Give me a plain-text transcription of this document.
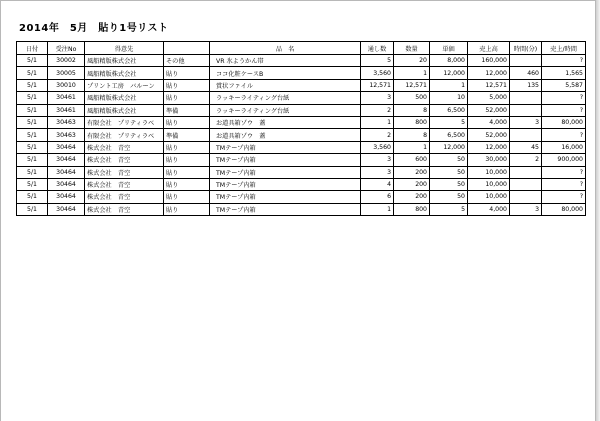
2014年　5月　貼り1号リスト
日付	受注No	得意先		品　名	通し数	数量	単価	売上高	時間(分)	売上/時間
5/1	30002	風船精版株式会社	その他	VR 氷ようかん帯	5	20	8,000	160,000		?
5/1	30005	風船精版株式会社	貼り	ココ化粧ケースB	3,560	1	12,000	12,000	460	1,565
5/1	30010	プリント工房　バルーン	貼り	賞状ファイル	12,571	12,571	1	12,571	135	5,587
5/1	30461	風船精版株式会社	貼り	ラッキーライティング台紙	3	500	10	5,000		?
5/1	30461	風船精版株式会社	準備	ラッキーライティング台紙	2	8	6,500	52,000		?
5/1	30463	有限会社　プリティラベ	貼り	お道具箱ゾウ　蓋	1	800	5	4,000	3	80,000
5/1	30463	有限会社　プリティラベ	準備	お道具箱ゾウ　蓋	2	8	6,500	52,000		?
5/1	30464	株式会社　青空	貼り	TMテープ内箱	3,560	1	12,000	12,000	45	16,000
5/1	30464	株式会社　青空	貼り	TMテープ内箱	3	600	50	30,000	2	900,000
5/1	30464	株式会社　青空	貼り	TMテープ内箱	3	200	50	10,000		?
5/1	30464	株式会社　青空	貼り	TMテープ内箱	4	200	50	10,000		?
5/1	30464	株式会社　青空	貼り	TMテープ内箱	6	200	50	10,000		?
5/1	30464	株式会社　青空	貼り	TMテープ内箱	1	800	5	4,000	3	80,000
